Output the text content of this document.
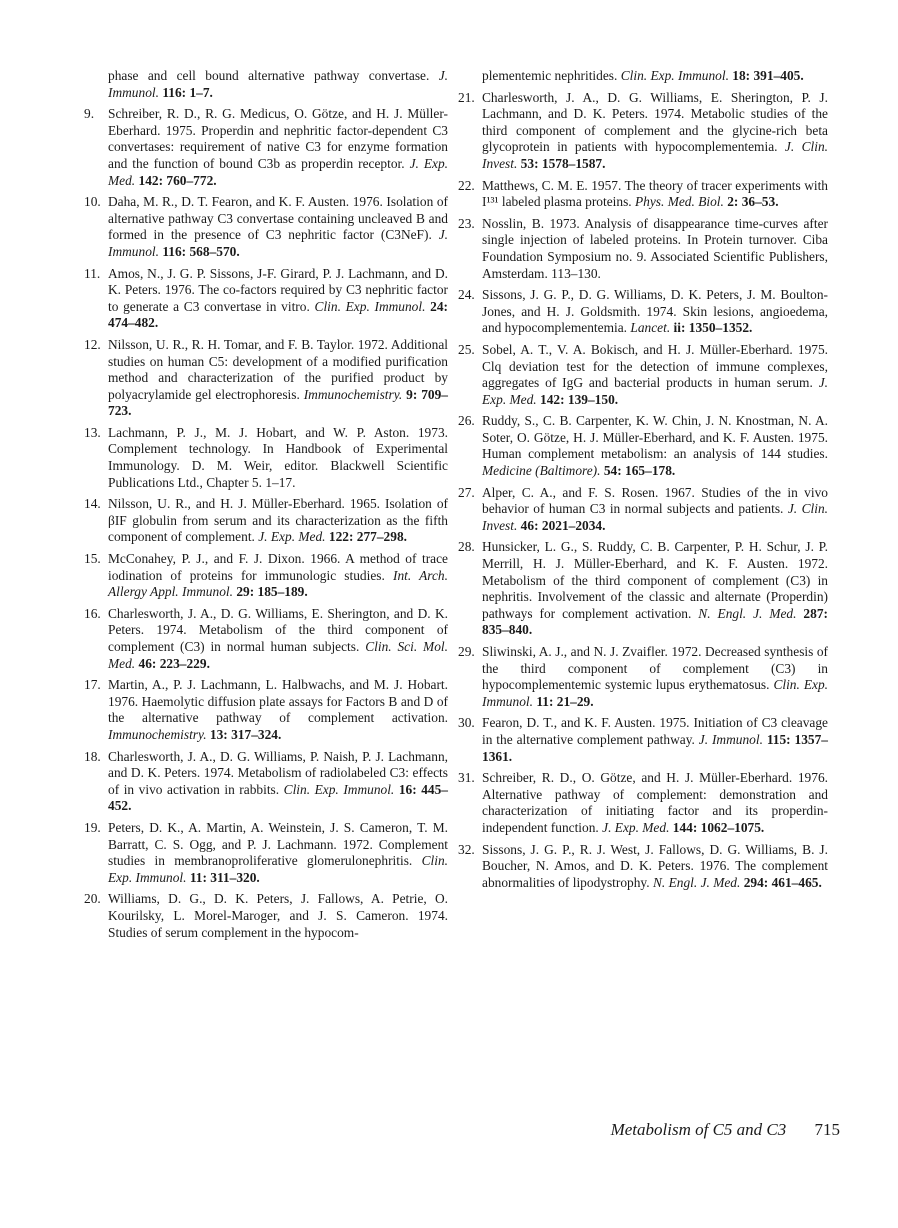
phase and cell bound alternative pathway convertase. J. Immunol. 116: 1–7.
9.	Schreiber, R. D., R. G. Medicus, O. Götze, and H. J. Müller-Eberhard. 1975. Properdin and nephritic factor-dependent C3 convertases: requirement of native C3 for enzyme formation and the function of bound C3b as properdin receptor. J. Exp. Med. 142: 760–772.
10. Daha, M. R., D. T. Fearon, and K. F. Austen. 1976. Isolation of alternative pathway C3 convertase containing uncleaved B and formed in the presence of C3 nephritic factor (C3NeF). J. Immunol. 116: 568–570.
11. Amos, N., J. G. P. Sissons, J-F. Girard, P. J. Lachmann, and D. K. Peters. 1976. The co-factors required by C3 nephritic factor to generate a C3 convertase in vitro. Clin. Exp. Immunol. 24: 474–482.
12. Nilsson, U. R., R. H. Tomar, and F. B. Taylor. 1972. Additional studies on human C5: development of a modified purification method and characterization of the purified product by polyacrylamide gel electrophoresis. Immunochemistry. 9: 709–723.
13. Lachmann, P. J., M. J. Hobart, and W. P. Aston. 1973. Complement technology. In Handbook of Experimental Immunology. D. M. Weir, editor. Blackwell Scientific Publications Ltd., Chapter 5. 1–17.
14. Nilsson, U. R., and H. J. Müller-Eberhard. 1965. Isolation of βIF globulin from serum and its characterization as the fifth component of complement. J. Exp. Med. 122: 277–298.
15. McConahey, P. J., and F. J. Dixon. 1966. A method of trace iodination of proteins for immunologic studies. Int. Arch. Allergy Appl. Immunol. 29: 185–189.
16. Charlesworth, J. A., D. G. Williams, E. Sherington, and D. K. Peters. 1974. Metabolism of the third component of complement (C3) in normal human subjects. Clin. Sci. Mol. Med. 46: 223–229.
17. Martin, A., P. J. Lachmann, L. Halbwachs, and M. J. Hobart. 1976. Haemolytic diffusion plate assays for Factors B and D of the alternative pathway of complement activation. Immunochemistry. 13: 317–324.
18. Charlesworth, J. A., D. G. Williams, P. Naish, P. J. Lachmann, and D. K. Peters. 1974. Metabolism of radiolabeled C3: effects of in vivo activation in rabbits. Clin. Exp. Immunol. 16: 445–452.
19. Peters, D. K., A. Martin, A. Weinstein, J. S. Cameron, T. M. Barratt, C. S. Ogg, and P. J. Lachmann. 1972. Complement studies in membranoproliferative glomerulonephritis. Clin. Exp. Immunol. 11: 311–320.
20. Williams, D. G., D. K. Peters, J. Fallows, A. Petrie, O. Kourilsky, L. Morel-Maroger, and J. S. Cameron. 1974. Studies of serum complement in the hypocom-
plementemic nephritides. Clin. Exp. Immunol. 18: 391–405.
21. Charlesworth, J. A., D. G. Williams, E. Sherington, P. J. Lachmann, and D. K. Peters. 1974. Metabolic studies of the third component of complement and the glycine-rich beta glycoprotein in patients with hypocomplementemia. J. Clin. Invest. 53: 1578–1587.
22. Matthews, C. M. E. 1957. The theory of tracer experiments with I¹³¹ labeled plasma proteins. Phys. Med. Biol. 2: 36–53.
23. Nosslin, B. 1973. Analysis of disappearance time-curves after single injection of labeled proteins. In Protein turnover. Ciba Foundation Symposium no. 9. Associated Scientific Publishers, Amsterdam. 113–130.
24. Sissons, J. G. P., D. G. Williams, D. K. Peters, J. M. Boulton-Jones, and H. J. Goldsmith. 1974. Skin lesions, angioedema, and hypocomplementemia. Lancet. ii: 1350–1352.
25. Sobel, A. T., V. A. Bokisch, and H. J. Müller-Eberhard. 1975. Clq deviation test for the detection of immune complexes, aggregates of IgG and bacterial products in human serum. J. Exp. Med. 142: 139–150.
26. Ruddy, S., C. B. Carpenter, K. W. Chin, J. N. Knostman, N. A. Soter, O. Götze, H. J. Müller-Eberhard, and K. F. Austen. 1975. Human complement metabolism: an analysis of 144 studies. Medicine (Baltimore). 54: 165–178.
27. Alper, C. A., and F. S. Rosen. 1967. Studies of the in vivo behavior of human C3 in normal subjects and patients. J. Clin. Invest. 46: 2021–2034.
28. Hunsicker, L. G., S. Ruddy, C. B. Carpenter, P. H. Schur, J. P. Merrill, H. J. Müller-Eberhard, and K. F. Austen. 1972. Metabolism of the third component of complement (C3) in nephritis. Involvement of the classic and alternate (Properdin) pathways for complement activation. N. Engl. J. Med. 287: 835–840.
29. Sliwinski, A. J., and N. J. Zvaifler. 1972. Decreased synthesis of the third component of complement (C3) in hypocomplementemic systemic lupus erythematosus. Clin. Exp. Immunol. 11: 21–29.
30. Fearon, D. T., and K. F. Austen. 1975. Initiation of C3 cleavage in the alternative complement pathway. J. Immunol. 115: 1357–1361.
31. Schreiber, R. D., O. Götze, and H. J. Müller-Eberhard. 1976. Alternative pathway of complement: demonstration and characterization of initiating factor and its properdin-independent function. J. Exp. Med. 144: 1062–1075.
32. Sissons, J. G. P., R. J. West, J. Fallows, D. G. Williams, B. J. Boucher, N. Amos, and D. K. Peters. 1976. The complement abnormalities of lipodystrophy. N. Engl. J. Med. 294: 461–465.
Metabolism of C5 and C3 715
